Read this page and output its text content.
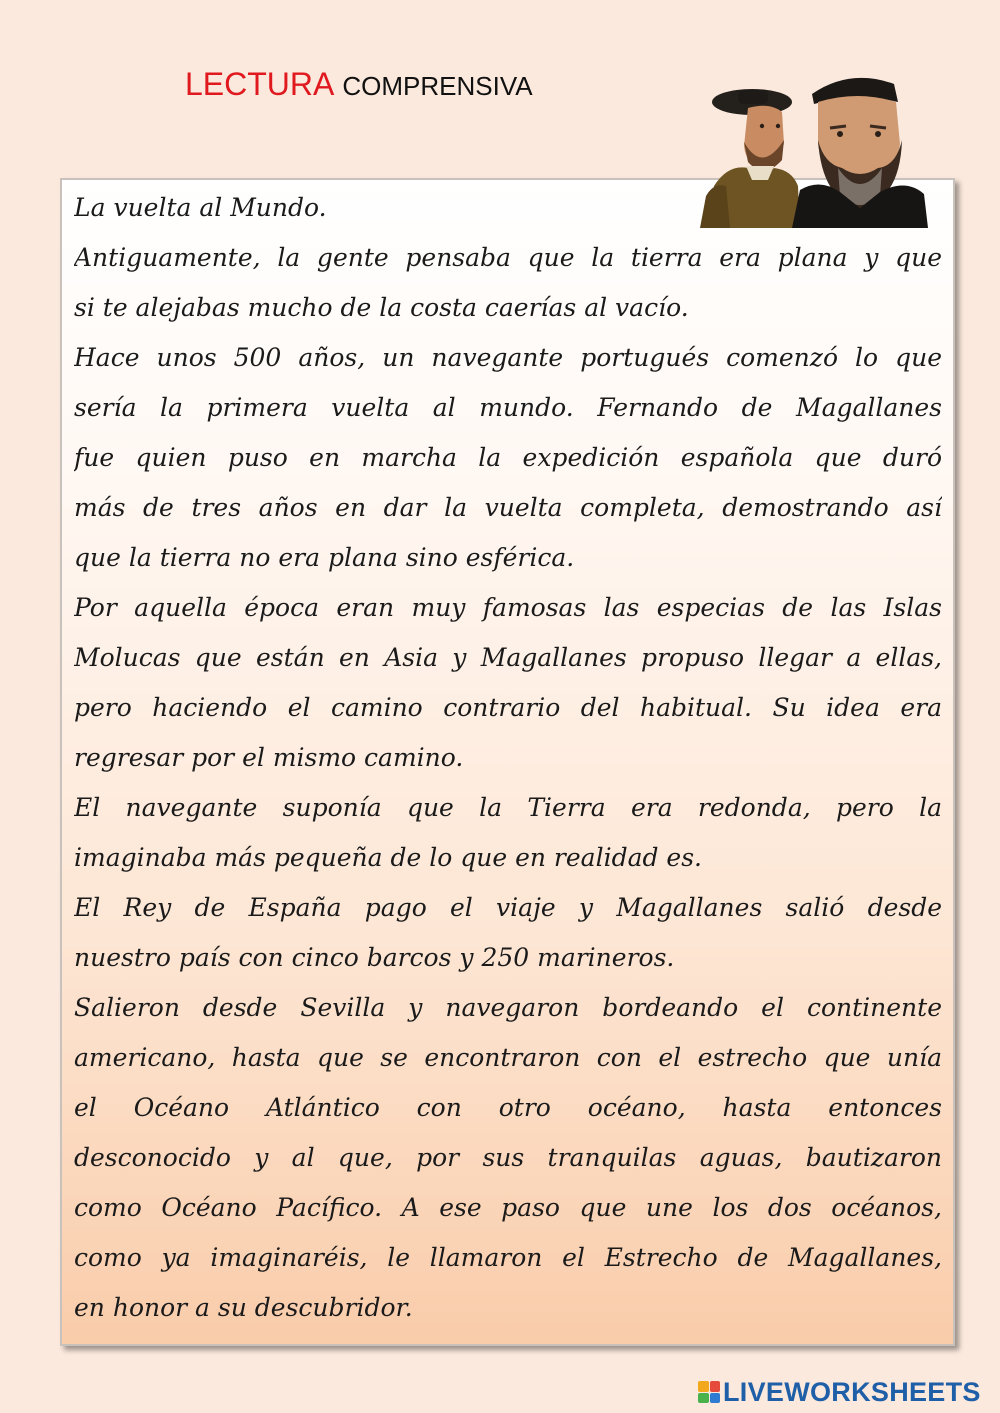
LECTURA COMPRENSIVA
La vuelta al Mundo.
Antiguamente, la gente pensaba que la tierra era plana y que
si te alejabas mucho de la costa caerías al vacío.
Hace unos 500 años, un navegante portugués comenzó lo que
sería la primera vuelta al mundo. Fernando de Magallanes
fue quien puso en marcha la expedición española que duró
más de tres años en dar la vuelta completa, demostrando así
que la tierra no era plana sino esférica.
Por aquella época eran muy famosas las especias de las Islas
Molucas que están en Asia y Magallanes propuso llegar a ellas,
pero haciendo el camino contrario del habitual. Su idea era
regresar por el mismo camino.
El navegante suponía que la Tierra era redonda, pero la
imaginaba más pequeña de lo que en realidad es.
El Rey de España pago el viaje y Magallanes salió desde
nuestro país con cinco barcos y 250 marineros.
Salieron desde Sevilla y navegaron bordeando el continente
americano, hasta que se encontraron con el estrecho que unía
el Océano Atlántico con otro océano, hasta entonces
desconocido y al que, por sus tranquilas aguas, bautizaron
como Océano Pacífico. A ese paso que une los dos océanos,
como ya imaginaréis, le llamaron el Estrecho de Magallanes,
en honor a su descubridor.
LIVEWORKSHEETS
